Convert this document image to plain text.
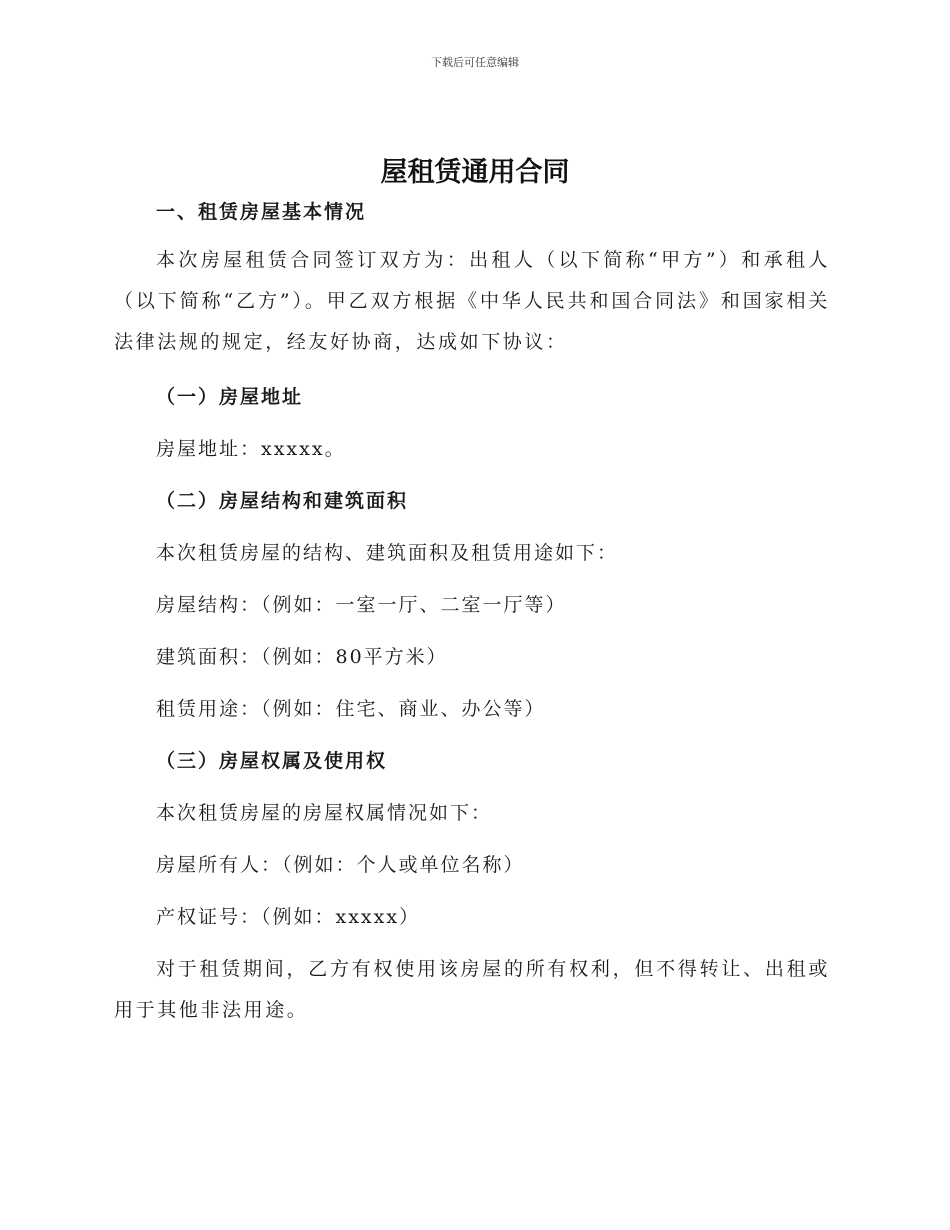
下载后可任意编辑
屋租赁通用合同
一、租赁房屋基本情况

本次房屋租赁合同签订双方为：出租人（以下简称“甲方”）和承租人（以下简称“乙方”）。甲乙双方根据《中华人民共和国合同法》和国家相关法律法规的规定，经友好协商，达成如下协议：

（一）房屋地址
房屋地址：xxxxx。
（二）房屋结构和建筑面积
本次租赁房屋的结构、建筑面积及租赁用途如下：
房屋结构：（例如：一室一厅、二室一厅等）
建筑面积：（例如：80平方米）
租赁用途：（例如：住宅、商业、办公等）
（三）房屋权属及使用权
本次租赁房屋的房屋权属情况如下：
房屋所有人：（例如：个人或单位名称）
产权证号：（例如：xxxxx）

对于租赁期间，乙方有权使用该房屋的所有权利，但不得转让、出租或用于其他非法用途。
